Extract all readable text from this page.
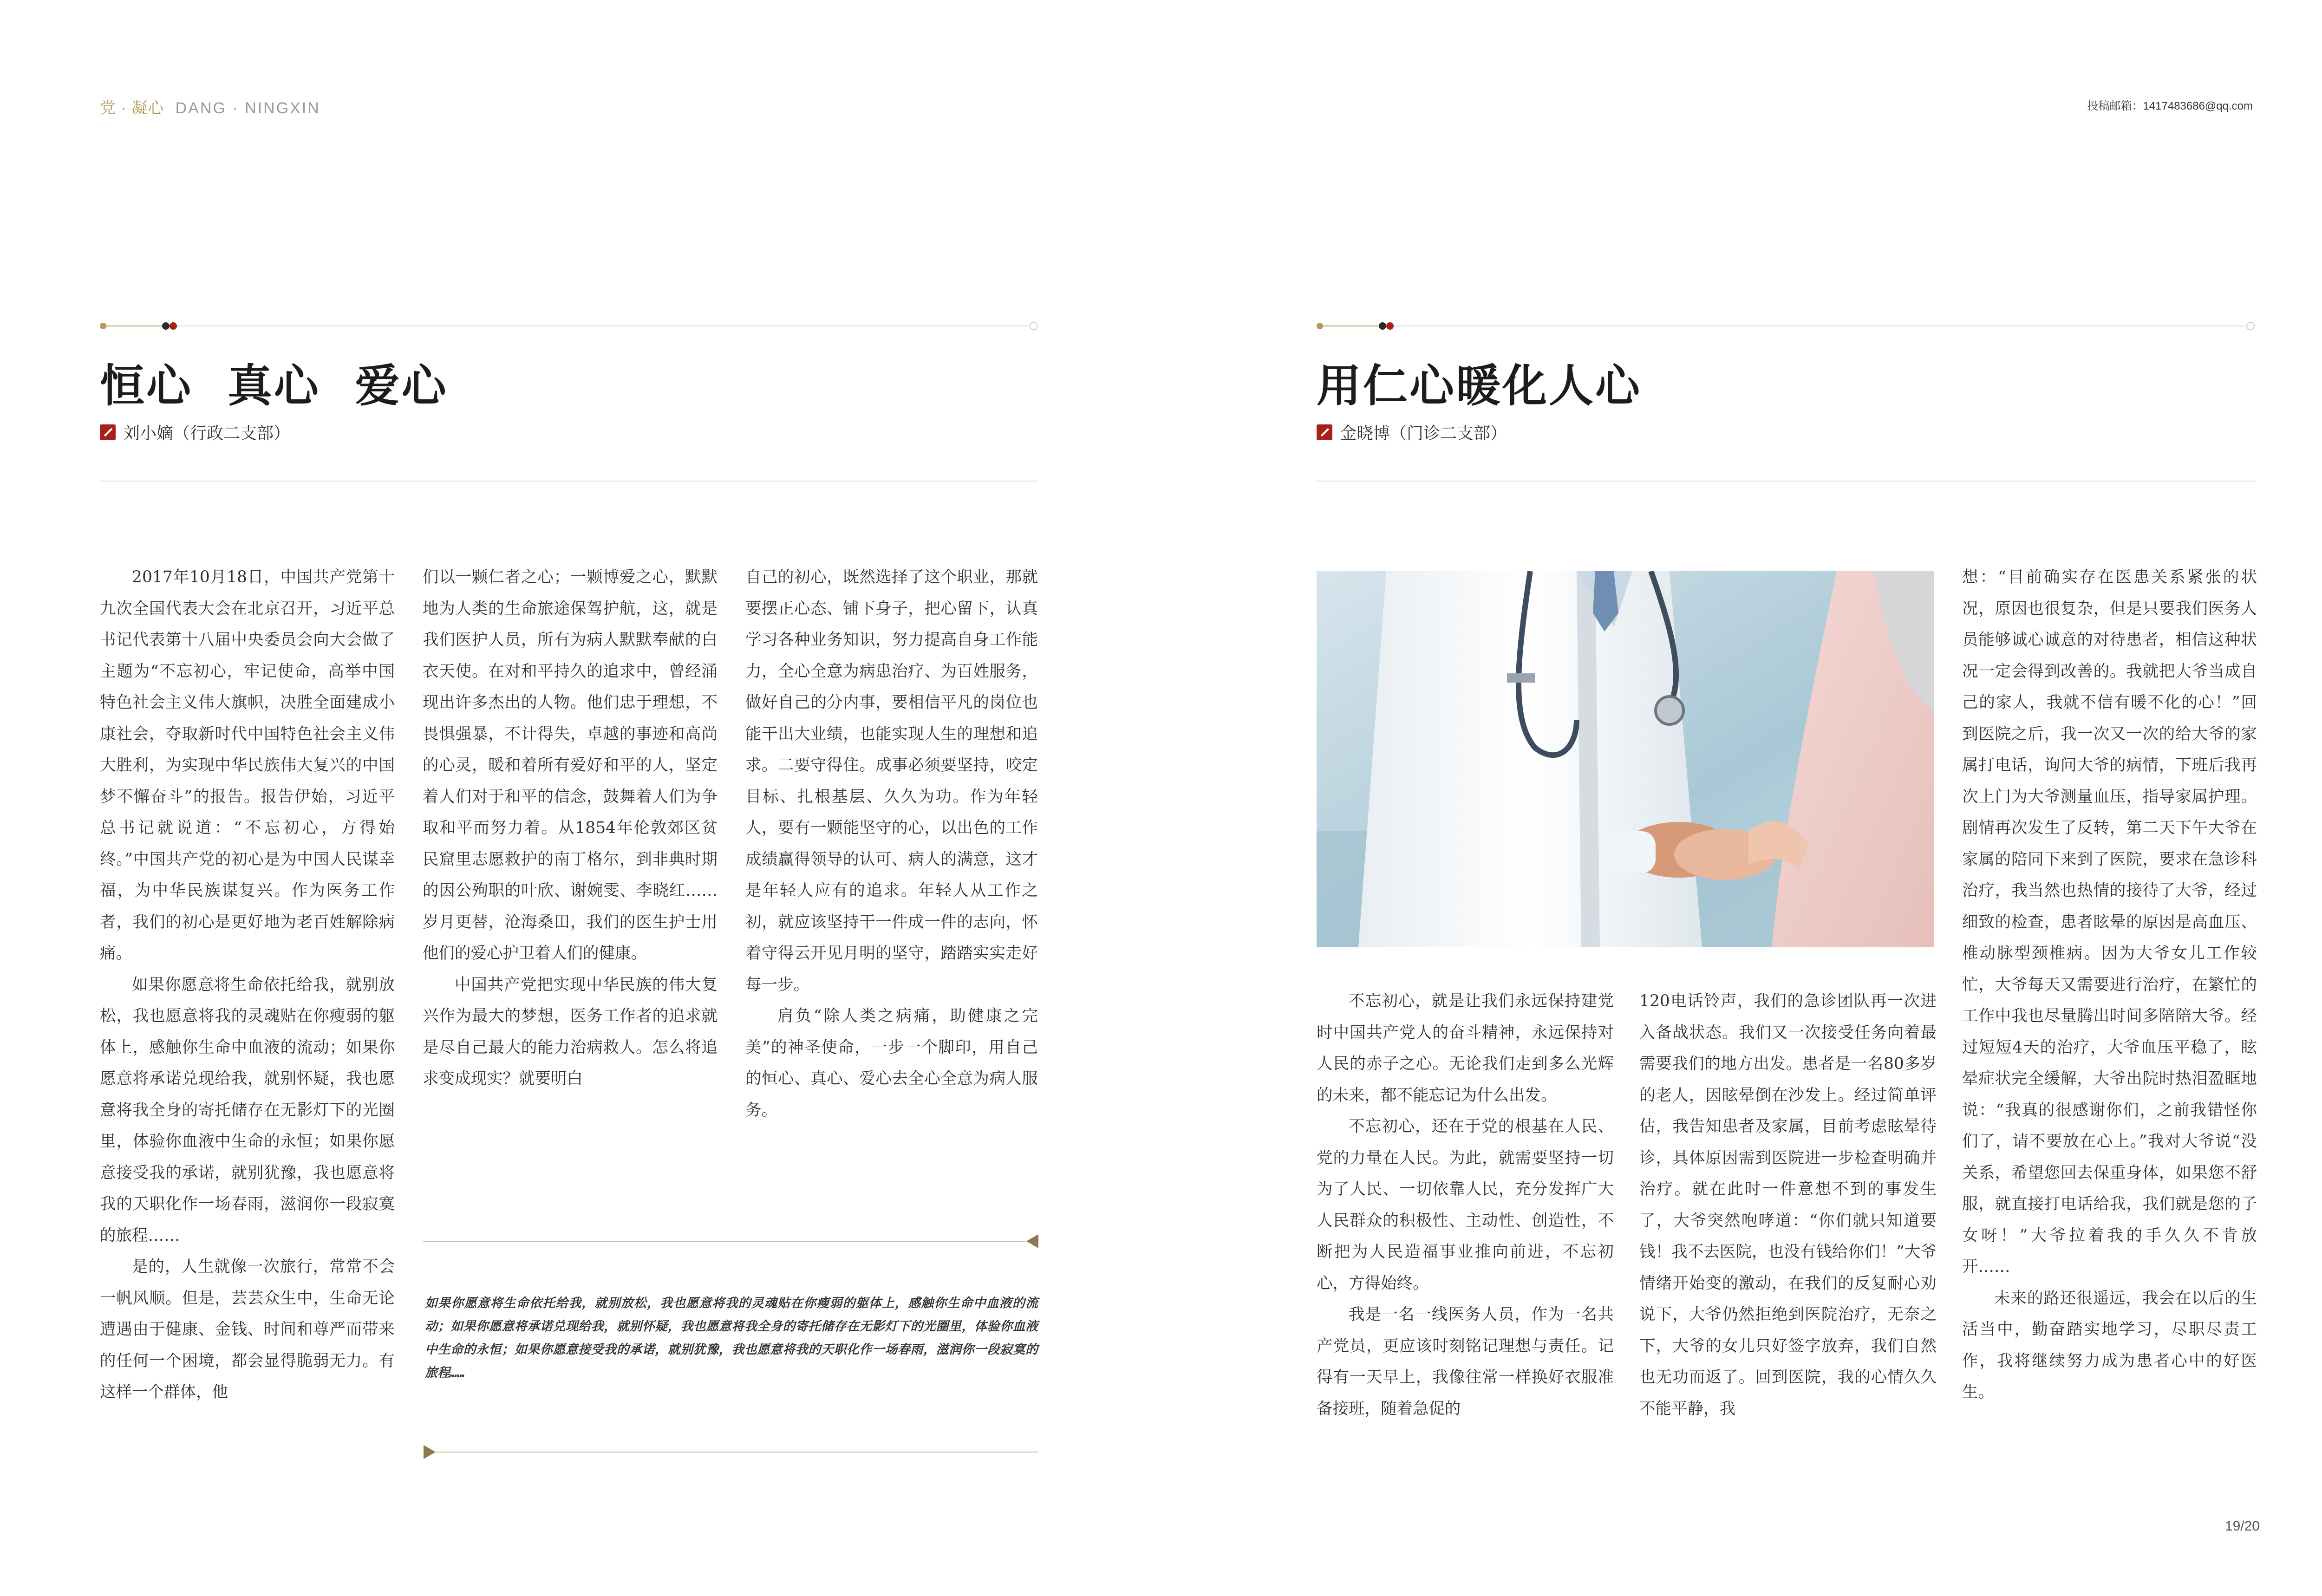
党 · 凝心 DANG · NINGXIN	投稿邮箱：1417483686@qq.com
恒心  真心  爱心
刘小嫡（行政二支部）

2017年10月18日，中国共产党第十九次全国代表大会在北京召开，习近平总书记代表第十八届中央委员会向大会做了主题为“不忘初心，牢记使命，高举中国特色社会主义伟大旗帜，决胜全面建成小康社会，夺取新时代中国特色社会主义伟大胜利，为实现中华民族伟大复兴的中国梦不懈奋斗”的报告。报告伊始，习近平总书记就说道：“不忘初心，方得始终。”中国共产党的初心是为中国人民谋幸福，为中华民族谋复兴。作为医务工作者，我们的初心是更好地为老百姓解除病痛。

如果你愿意将生命依托给我，就别放松，我也愿意将我的灵魂贴在你瘦弱的躯体上，感触你生命中血液的流动；如果你愿意将承诺兑现给我，就别怀疑，我也愿意将我全身的寄托储存在无影灯下的光圈里，体验你血液中生命的永恒；如果你愿意接受我的承诺，就别犹豫，我也愿意将我的天职化作一场春雨，滋润你一段寂寞的旅程……

是的，人生就像一次旅行，常常不会一帆风顺。但是，芸芸众生中，生命无论遭遇由于健康、金钱、时间和尊严而带来的任何一个困境，都会显得脆弱无力。有这样一个群体，他

们以一颗仁者之心；一颗博爱之心，默默地为人类的生命旅途保驾护航，这，就是我们医护人员，所有为病人默默奉献的白衣天使。在对和平持久的追求中，曾经涌现出许多杰出的人物。他们忠于理想，不畏惧强暴，不计得失，卓越的事迹和高尚的心灵，暖和着所有爱好和平的人，坚定着人们对于和平的信念，鼓舞着人们为争取和平而努力着。从1854年伦敦郊区贫民窟里志愿救护的南丁格尔，到非典时期的因公殉职的叶欣、谢婉雯、李晓红……岁月更替，沧海桑田，我们的医生护士用他们的爱心护卫着人们的健康。

中国共产党把实现中华民族的伟大复兴作为最大的梦想，医务工作者的追求就是尽自己最大的能力治病救人。怎么将追求变成现实？就要明白

自己的初心，既然选择了这个职业，那就要摆正心态、铺下身子，把心留下，认真学习各种业务知识，努力提高自身工作能力，全心全意为病患治疗、为百姓服务，做好自己的分内事，要相信平凡的岗位也能干出大业绩，也能实现人生的理想和追求。二要守得住。成事必须要坚持，咬定目标、扎根基层、久久为功。作为年轻人，要有一颗能坚守的心，以出色的工作成绩赢得领导的认可、病人的满意，这才是年轻人应有的追求。年轻人从工作之初，就应该坚持干一件成一件的志向，怀着守得云开见月明的坚守，踏踏实实走好每一步。

肩负“除人类之病痛，助健康之完美”的神圣使命，一步一个脚印，用自己的恒心、真心、爱心去全心全意为病人服务。

如果你愿意将生命依托给我，就别放松，我也愿意将我的灵魂贴在你瘦弱的躯体上，感触你生命中血液的流动；如果你愿意将承诺兑现给我，就别怀疑，我也愿意将我全身的寄托储存在无影灯下的光圈里，体验你血液中生命的永恒；如果你愿意接受我的承诺，就别犹豫，我也愿意将我的天职化作一场春雨，滋润你一段寂寞的旅程……
用仁心暖化人心
金晓博（门诊二支部）

不忘初心，就是让我们永远保持建党时中国共产党人的奋斗精神，永远保持对人民的赤子之心。无论我们走到多么光辉的未来，都不能忘记为什么出发。

不忘初心，还在于党的根基在人民、党的力量在人民。为此，就需要坚持一切为了人民、一切依靠人民，充分发挥广大人民群众的积极性、主动性、创造性，不断把为人民造福事业推向前进，不忘初心，方得始终。

我是一名一线医务人员，作为一名共产党员，更应该时刻铭记理想与责任。记得有一天早上，我像往常一样换好衣服准备接班，随着急促的

120电话铃声，我们的急诊团队再一次进入备战状态。我们又一次接受任务向着最需要我们的地方出发。患者是一名80多岁的老人，因眩晕倒在沙发上。经过简单评估，我告知患者及家属，目前考虑眩晕待诊，具体原因需到医院进一步检查明确并治疗。就在此时一件意想不到的事发生了，大爷突然咆哮道：“你们就只知道要钱！我不去医院，也没有钱给你们！”大爷情绪开始变的激动，在我们的反复耐心劝说下，大爷仍然拒绝到医院治疗，无奈之下，大爷的女儿只好签字放弃，我们自然也无功而返了。回到医院，我的心情久久不能平静，我

想：“目前确实存在医患关系紧张的状况，原因也很复杂，但是只要我们医务人员能够诚心诚意的对待患者，相信这种状况一定会得到改善的。我就把大爷当成自己的家人，我就不信有暖不化的心！”回到医院之后，我一次又一次的给大爷的家属打电话，询问大爷的病情，下班后我再次上门为大爷测量血压，指导家属护理。剧情再次发生了反转，第二天下午大爷在家属的陪同下来到了医院，要求在急诊科治疗，我当然也热情的接待了大爷，经过细致的检查，患者眩晕的原因是高血压、椎动脉型颈椎病。因为大爷女儿工作较忙，大爷每天又需要进行治疗，在繁忙的工作中我也尽量腾出时间多陪陪大爷。经过短短4天的治疗，大爷血压平稳了，眩晕症状完全缓解，大爷出院时热泪盈眶地说：“我真的很感谢你们，之前我错怪你们了，请不要放在心上。”我对大爷说“没关系，希望您回去保重身体，如果您不舒服，就直接打电话给我，我们就是您的子女呀！”大爷拉着我的手久久不肯放开……

未来的路还很遥远，我会在以后的生活当中，勤奋踏实地学习，尽职尽责工作，我将继续努力成为患者心中的好医生。

19/20
